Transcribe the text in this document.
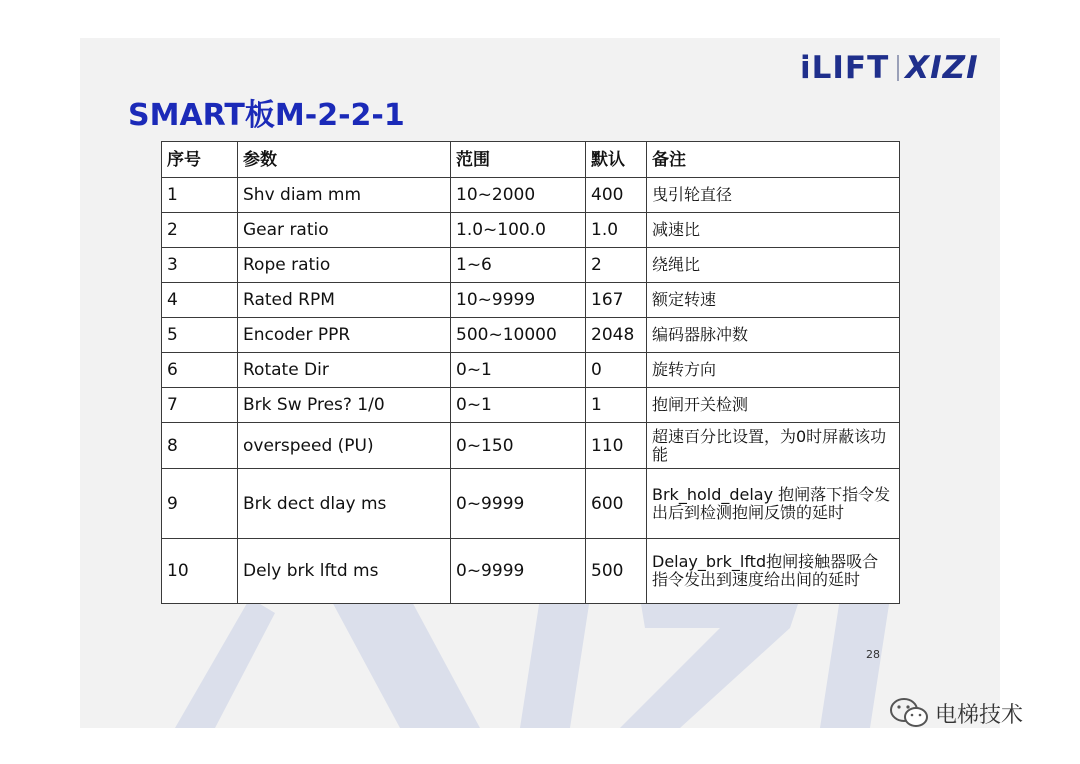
iLIFT XIZI
SMART板M-2-2-1
序号	参数	范围	默认	备注
1	Shv diam mm	10~2000	400	曳引轮直径
2	Gear ratio	1.0~100.0	1.0	减速比
3	Rope ratio	1~6	2	绕绳比
4	Rated RPM	10~9999	167	额定转速
5	Encoder PPR	500~10000	2048	编码器脉冲数
6	Rotate Dir	0~1	0	旋转方向
7	Brk Sw Pres? 1/0	0~1	1	抱闸开关检测
8	overspeed (PU)	0~150	110	超速百分比设置，为0时屏蔽该功能
9	Brk dect dlay ms	0~9999	600	Brk_hold_delay 抱闸落下指令发出后到检测抱闸反馈的延时
10	Dely brk lftd ms	0~9999	500	Delay_brk_lftd抱闸接触器吸合指令发出到速度给出间的延时
28
电梯技术
